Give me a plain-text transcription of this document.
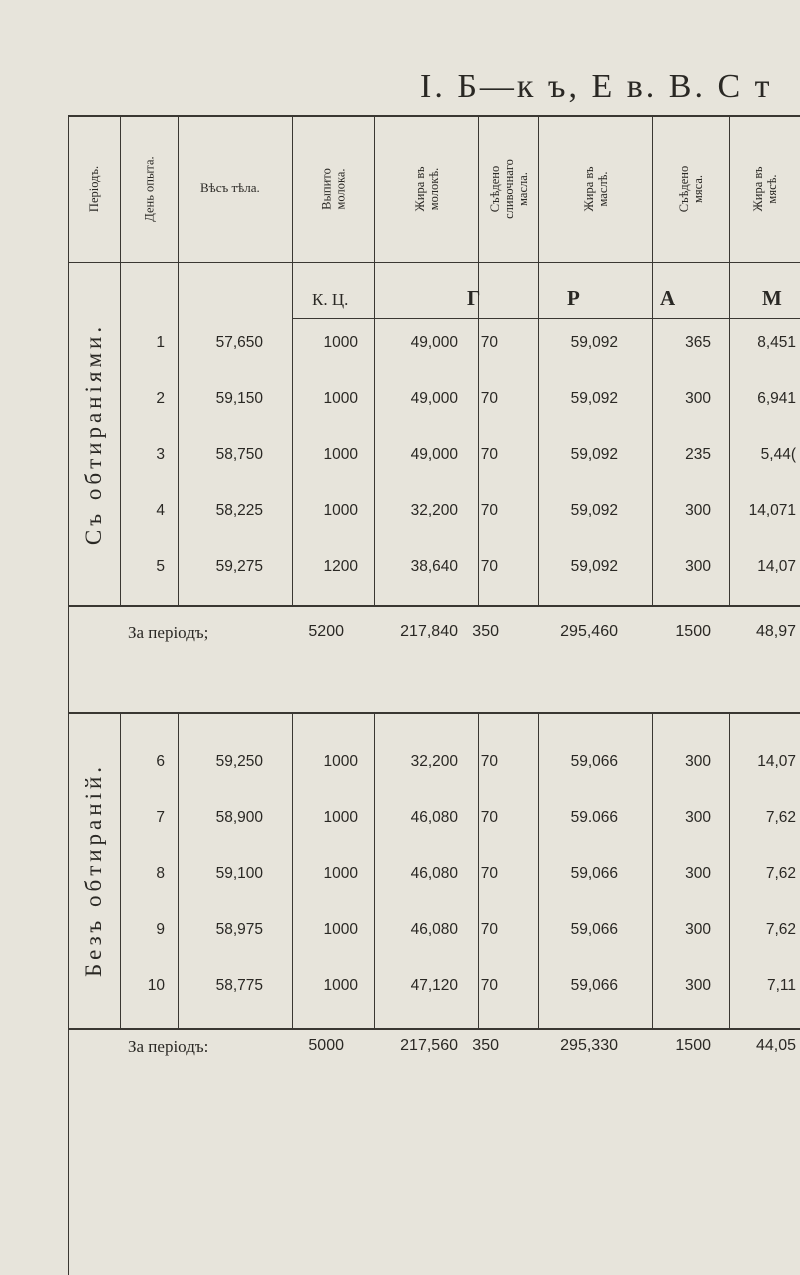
I. Б—к ъ, Е в. В. С т
Періодъ.	День опыта.	Вѣсъ тѣла.	Выпито молока.	Жира въ молокѣ.	Съѣдено сливочнаго масла.	Жира въ маслѣ.	Съѣдено мяса.	Жира въ мясѣ.
К. Ц.	Г	Р	А	М
Съ обтираніями.
Безъ обтираній.
1	57,650	1000	49,000 70	59,092	365	8,451
2	59,150	1000	49,000 70	59,092	300	6,941
3	58,750	1000	49,000 70	59,092	235	5,44(
4	58,225	1000	32,200 70	59,092	300 14,071
5	59,275	1200	38,640 70	59,092	300	14,07
За періодъ;	5200	217,840 350	295,460	1500	48,97
6	59,250	1000	32,200 70	59,066	300	14,07
7	58,900	1000	46,080 70	59.066	300	7,62
8	59,100	1000	46,080 70	59,066	300	7,62
9	58,975	1000	46,080 70	59,066	300	7,62
10	58,775	1000	47,120 70	59,066	300	7,11
За періодъ:	5000	217,560 350	295,330	1500	44,05
